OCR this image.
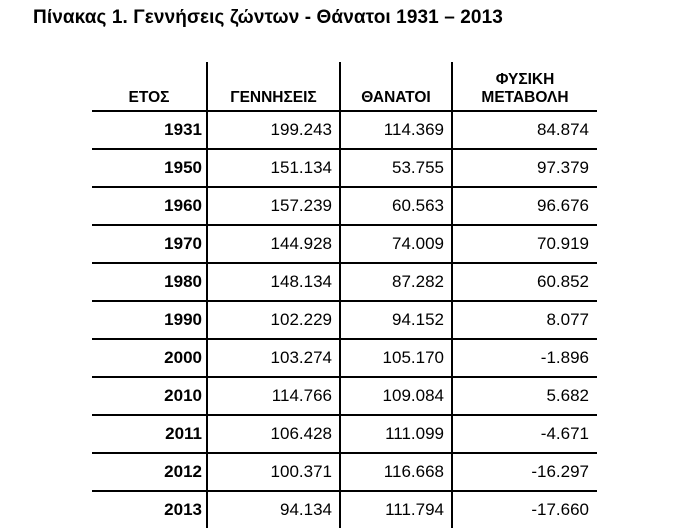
Πίνακας 1. Γεννήσεις ζώντων - Θάνατοι 1931 – 2013
ΕΤΟΣ	ΓΕΝΝΗΣΕΙΣ	ΘΑΝΑΤΟΙ	ΦΥΣΙΚΗ
ΜΕΤΑΒΟΛΗ
1931	199.243	114.369	84.874
1950	151.134	53.755	97.379
1960	157.239	60.563	96.676
1970	144.928	74.009	70.919
1980	148.134	87.282	60.852
1990	102.229	94.152	8.077
2000	103.274	105.170	-1.896
2010	114.766	109.084	5.682
2011	106.428	111.099	-4.671
2012	100.371	116.668	-16.297
2013	94.134	111.794	-17.660
